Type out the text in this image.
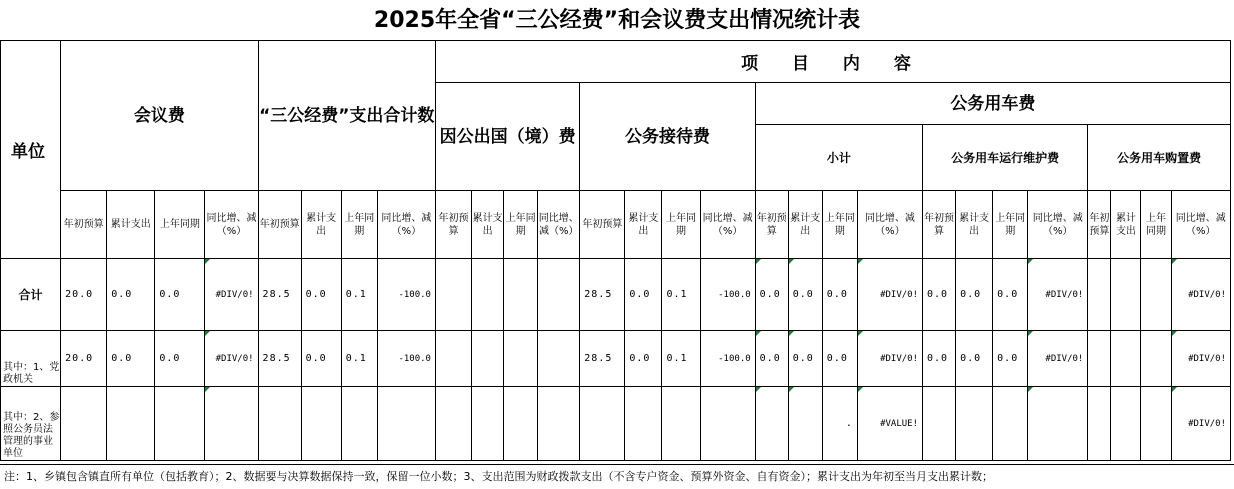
2025年全省“三公经费”和会议费支出情况统计表
单位	会议费				“三公经费”支出合计数				项 目 内 容																			
									因公出国（境）费				公务接待费				公务用车费											
																	小计				公务用车运行维护费				公务用车购置费			
	年初预算	累计支出	上年同期	同比增、减（%）	年初预算	累计支出	上年同期	同比增、减（%）	年初预算	累计支出	上年同期	同比增、减（%）	年初预算	累计支出	上年同期	同比增、减（%）	年初预算	累计支出	上年同期	同比增、减（%）	年初预算	累计支出	上年同期	同比增、减（%）	年初预算	累计支出	上年同期	同比增、减（%）
合计	20.0	0.0	0.0	#DIV/0!	28.5	0.0	0.1	-100.0					28.5	0.0	0.1	-100.0	0.0	0.0	0.0	#DIV/0!	0.0	0.0	0.0	#DIV/0!				#DIV/0!
其中：1、党政机关	20.0	0.0	0.0	#DIV/0!	28.5	0.0	0.1	-100.0					28.5	0.0	0.1	-100.0	0.0	0.0	0.0	#DIV/0!	0.0	0.0	0.0	#DIV/0!				#DIV/0!
其中：2、参照公务员法管理的事业单位																			.	#VALUE!								#DIV/0!
注：1、乡镇包含镇直所有单位（包括教育）；2、数据要与决算数据保持一致，保留一位小数；3、支出范围为财政拨款支出（不含专户资金、预算外资金、自有资金）；累计支出为年初至当月支出累计数；
